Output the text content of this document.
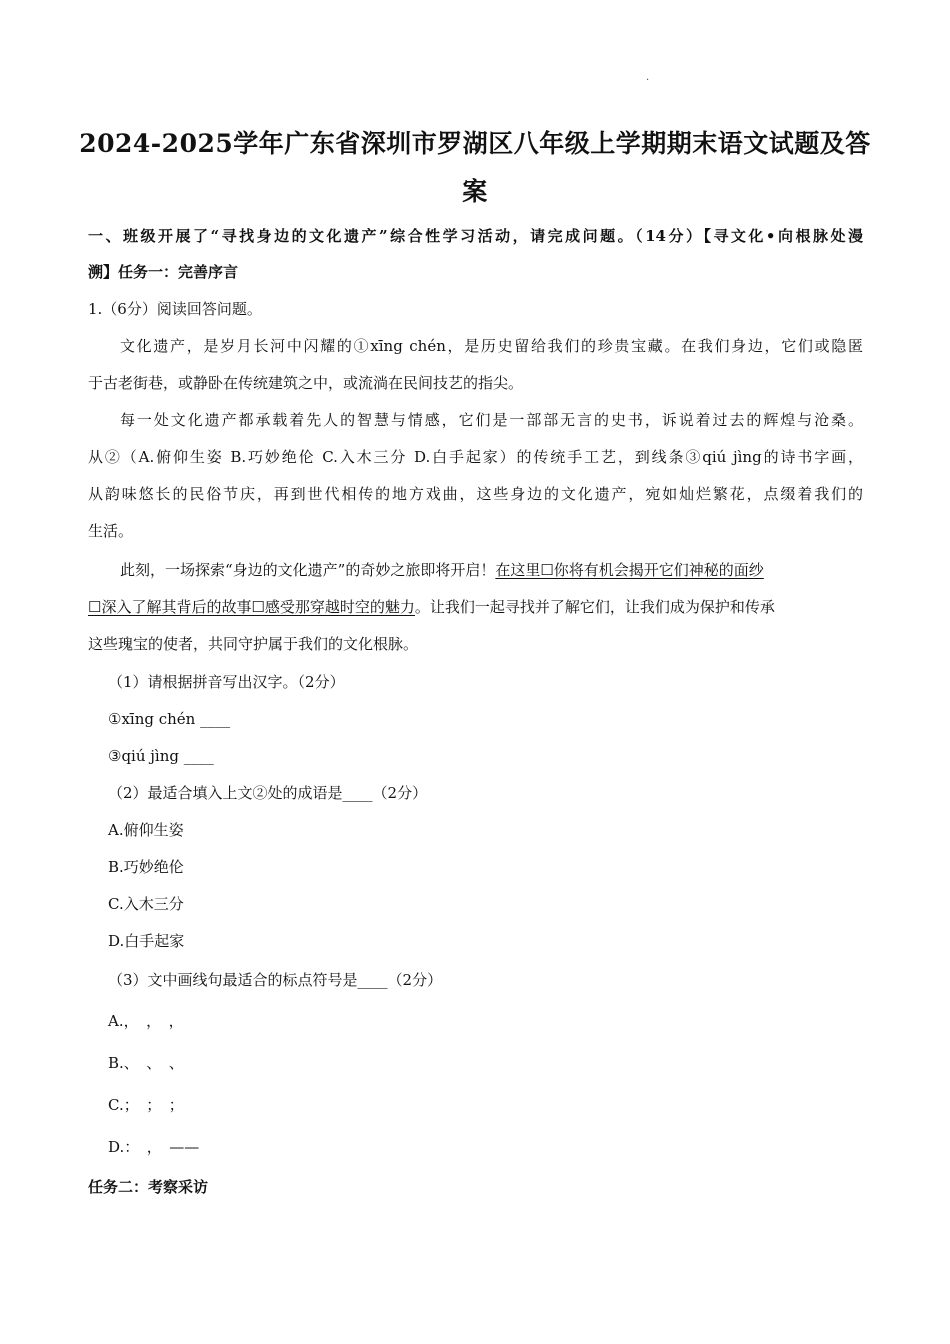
.
2024-2025学年广东省深圳市罗湖区八年级上学期期末语文试题及答
案
一、班级开展了“寻找身边的文化遗产”综合性学习活动，请完成问题。（14分）【寻文化•向根脉处漫
溯】任务一：完善序言
1.（6分）阅读回答问题。
文化遗产，是岁月长河中闪耀的①xīng chén，是历史留给我们的珍贵宝藏。在我们身边，它们或隐匿
于古老街巷，或静卧在传统建筑之中，或流淌在民间技艺的指尖。
每一处文化遗产都承载着先人的智慧与情感，它们是一部部无言的史书，诉说着过去的辉煌与沧桑。
从②（A.俯仰生姿 B.巧妙绝伦 C.入木三分 D.白手起家）的传统手工艺，到线条③qiú jìng的诗书字画，
从韵味悠长的民俗节庆，再到世代相传的地方戏曲，这些身边的文化遗产，宛如灿烂繁花，点缀着我们的
生活。
此刻，一场探索“身边的文化遗产”的奇妙之旅即将开启！在这里☐你将有机会揭开它们神秘的面纱
☐深入了解其背后的故事☐感受那穿越时空的魅力。让我们一起寻找并了解它们，让我们成为保护和传承
这些瑰宝的使者，共同守护属于我们的文化根脉。
（1）请根据拼音写出汉字。（2分）
①xīng chén ____
③qiú jìng ____
（2）最适合填入上文②处的成语是____（2分）
A.俯仰生姿
B.巧妙绝伦
C.入木三分
D.白手起家
（3）文中画线句最适合的标点符号是____（2分）
A.，　，　，
B.、　、　、
C.；　；　；
D.：　，　——
任务二：考察采访
